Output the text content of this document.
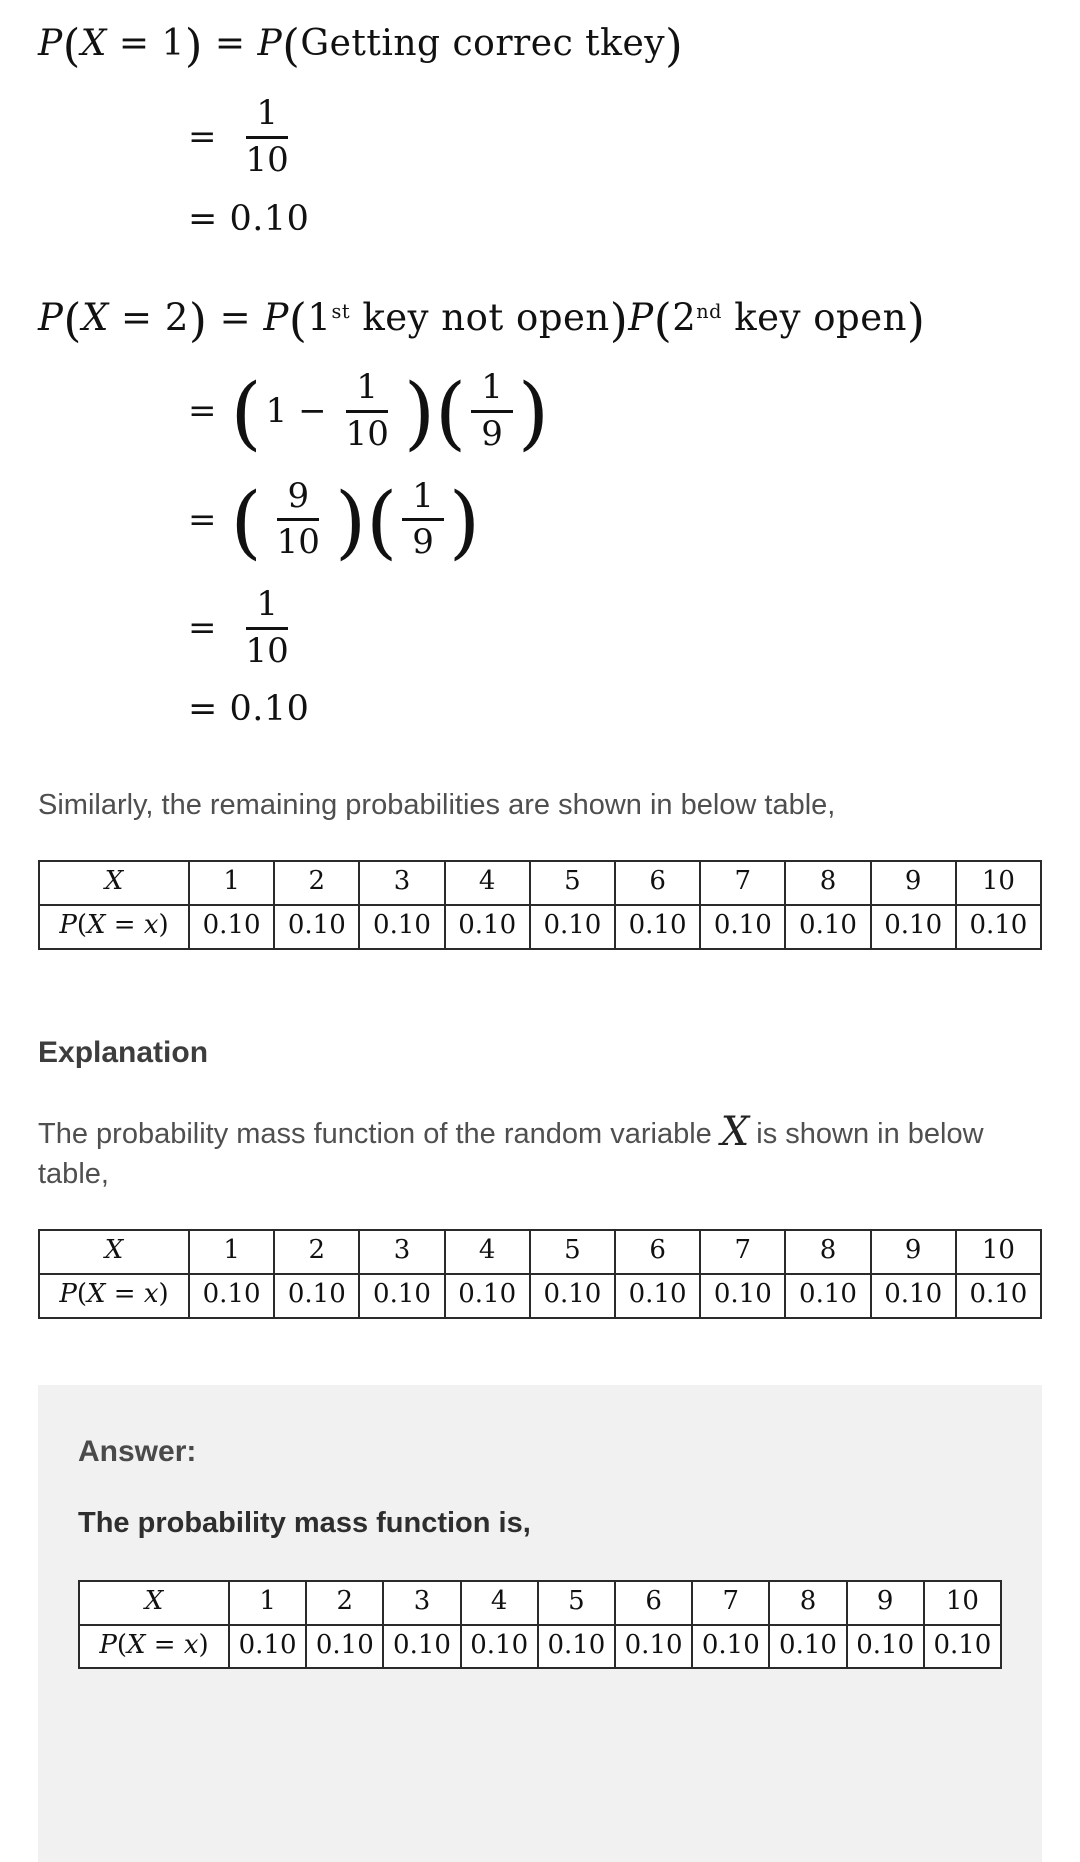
P(X = 1) = P(Getting correc tkey)
= $\frac{1}{10}$
= 0.10
P(X = 2) = P(1st key not open)P(2nd key open)
= ( $1 - \frac{1}{10}$ ) ( $\frac{1}{9}$ )
= ( $\frac{9}{10}$ ) ( $\frac{1}{9}$ )
= $\frac{1}{10}$
= 0.10

Similarly, the remaining probabilities are shown in below table,

X	1	2	3	4	5	6	7	8	9	10
P(X = x)	0.10	0.10	0.10	0.10	0.10	0.10	0.10	0.10	0.10	0.10
Explanation

The probability mass function of the random variable X is shown in below table,

X	1	2	3	4	5	6	7	8	9	10
P(X = x)	0.10	0.10	0.10	0.10	0.10	0.10	0.10	0.10	0.10	0.10
Answer:
The probability mass function is,
X	1	2	3	4	5	6	7	8	9	10
P(X = x)	0.10 0.10 0.10 0.10 0.10 0.10 0.10 0.10 0.10 0.10
